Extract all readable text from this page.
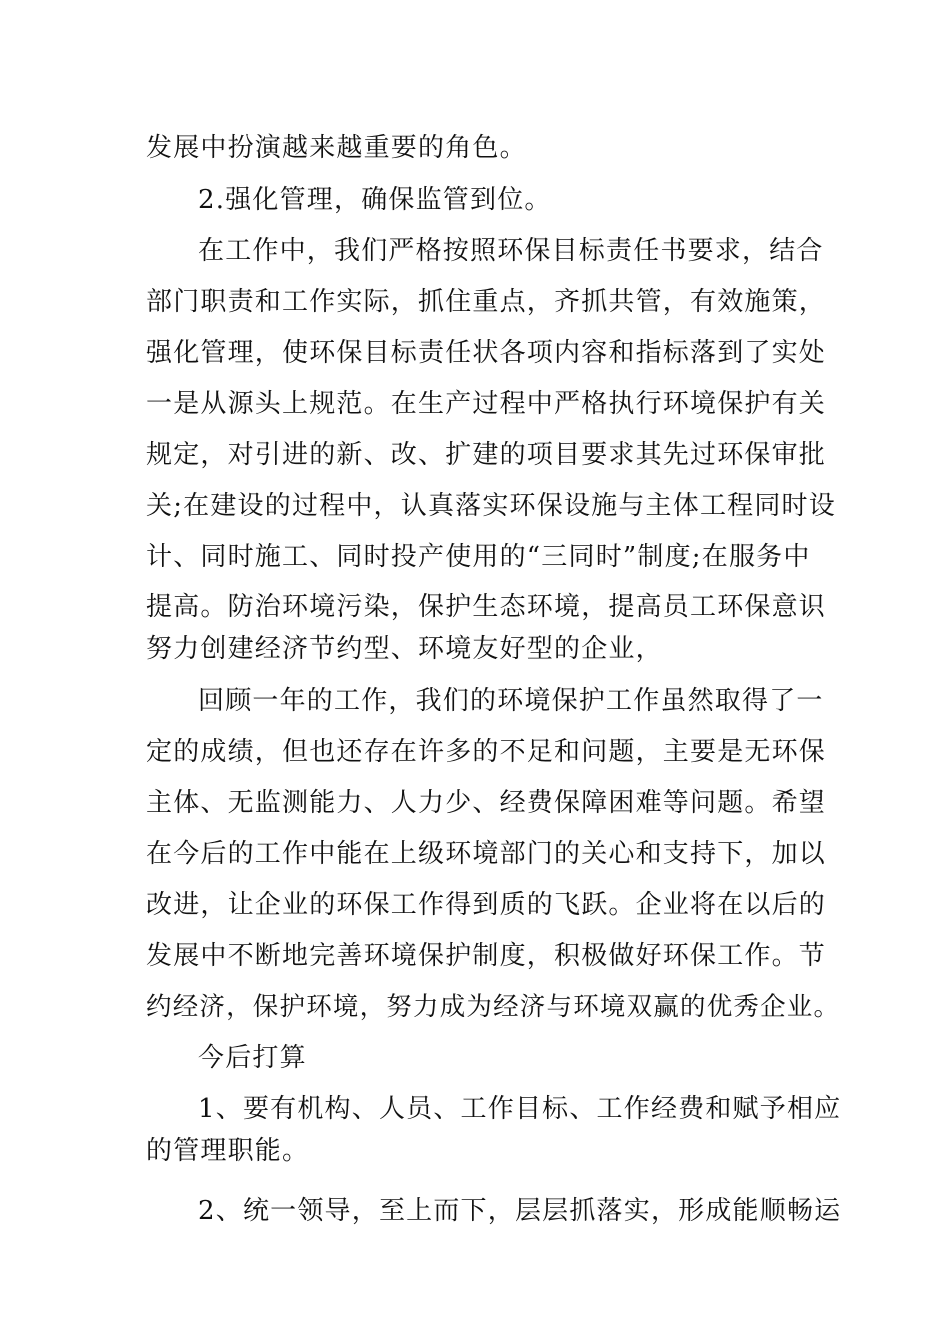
发展中扮演越来越重要的角色。
2.强化管理，确保监管到位。
在工作中，我们严格按照环保目标责任书要求，结合
部门职责和工作实际，抓住重点，齐抓共管，有效施策，
强化管理，使环保目标责任状各项内容和指标落到了实处
一是从源头上规范。在生产过程中严格执行环境保护有关
规定，对引进的新、改、扩建的项目要求其先过环保审批
关;在建设的过程中，认真落实环保设施与主体工程同时设
计、同时施工、同时投产使用的“三同时”制度;在服务中
提高。防治环境污染，保护生态环境，提高员工环保意识
努力创建经济节约型、环境友好型的企业，
回顾一年的工作，我们的环境保护工作虽然取得了一
定的成绩，但也还存在许多的不足和问题，主要是无环保
主体、无监测能力、人力少、经费保障困难等问题。希望
在今后的工作中能在上级环境部门的关心和支持下，加以
改进，让企业的环保工作得到质的飞跃。企业将在以后的
发展中不断地完善环境保护制度，积极做好环保工作。节
约经济，保护环境，努力成为经济与环境双赢的优秀企业。
今后打算
1、要有机构、人员、工作目标、工作经费和赋予相应
的管理职能。
2、统一领导，至上而下，层层抓落实，形成能顺畅运
